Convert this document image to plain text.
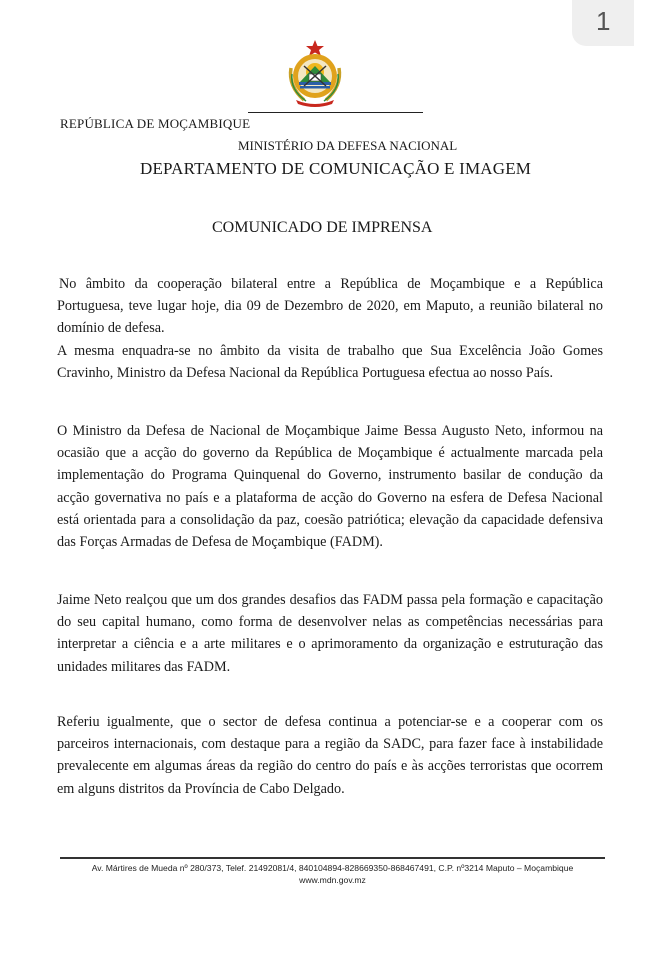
1
REPÚBLICA DE MOÇAMBIQUE
MINISTÉRIO DA DEFESA NACIONAL
DEPARTAMENTO DE COMUNICAÇÃO E IMAGEM
COMUNICADO DE IMPRENSA

No âmbito da cooperação bilateral entre a República de Moçambique e a República Portuguesa, teve lugar hoje, dia 09 de Dezembro de 2020, em Maputo, a reunião bilateral no domínio de defesa.

A mesma enquadra-se no âmbito da visita de trabalho que Sua Excelência João Gomes Cravinho, Ministro da Defesa Nacional da República Portuguesa efectua ao nosso País.

O Ministro da Defesa de Nacional de Moçambique Jaime Bessa Augusto Neto, informou na ocasião que a acção do governo da República de Moçambique é actualmente marcada pela implementação do Programa Quinquenal do Governo, instrumento basilar de condução da acção governativa no país e a plataforma de acção do Governo na esfera de Defesa Nacional está orientada para a consolidação da paz, coesão patriótica; elevação da capacidade defensiva das Forças Armadas de Defesa de Moçambique (FADM).

Jaime Neto realçou que um dos grandes desafios das FADM passa pela formação e capacitação do seu capital humano, como forma de desenvolver nelas as competências necessárias para interpretar a ciência e a arte militares e o aprimoramento da organização e estruturação das unidades militares das FADM.

Referiu igualmente, que o sector de defesa continua a potenciar-se e a cooperar com os parceiros internacionais, com destaque para a região da SADC, para fazer face à instabilidade prevalecente em algumas áreas da região do centro do país e às acções terroristas que ocorrem em alguns distritos da Província de Cabo Delgado.

Av. Mártires de Mueda nº 280/373, Telef. 21492081/4, 840104894-828669350-868467491, C.P. nº3214 Maputo – Moçambique
www.mdn.gov.mz
